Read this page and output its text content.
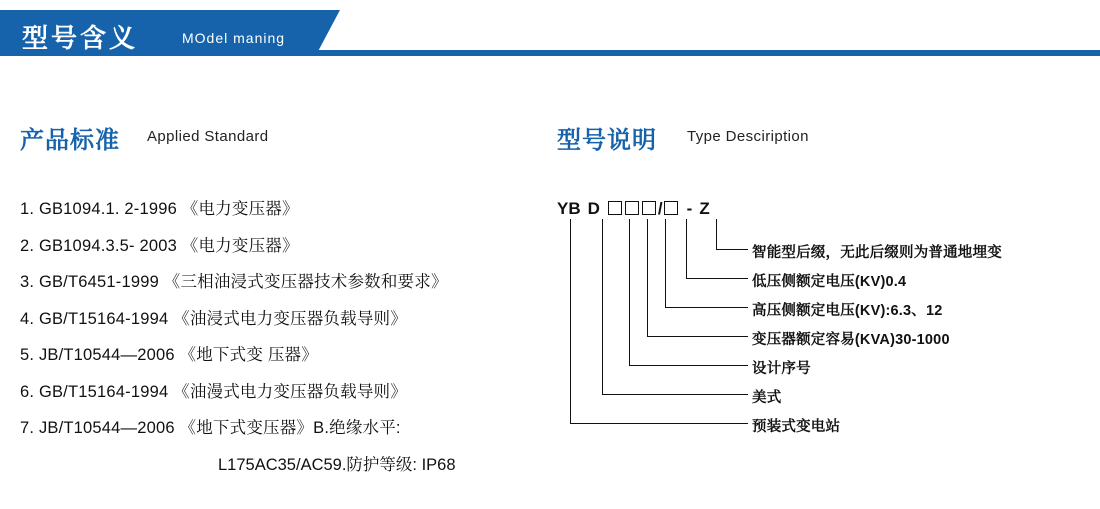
型号含义	MOdel maning
产品标准 Applied Standard
1. GB1094.1. 2-1996 《电力变压器》
2. GB1094.3.5- 2003 《电力变压器》
3. GB/T6451-1999 《三相油浸式变压器技术参数和要求》
4. GB/T15164-1994 《油浸式电力变压器负载导则》
5. JB/T10544—2006 《地下式变 压器》
6. GB/T15164-1994 《油漫式电力变压器负载导则》
7. JB/T10544—2006 《地下式变压器》B.绝缘水平:
L175AC35/AC59.防护等级: IP68
型号说明 Type Desciription
YB D	/ - Z
智能型后缀，无此后缀则为普通地埋变
低压侧额定电压(KV)0.4
高压侧额定电压(KV):6.3、12
变压器额定容易(KVA)30-1000
设计序号
美式
预装式变电站
